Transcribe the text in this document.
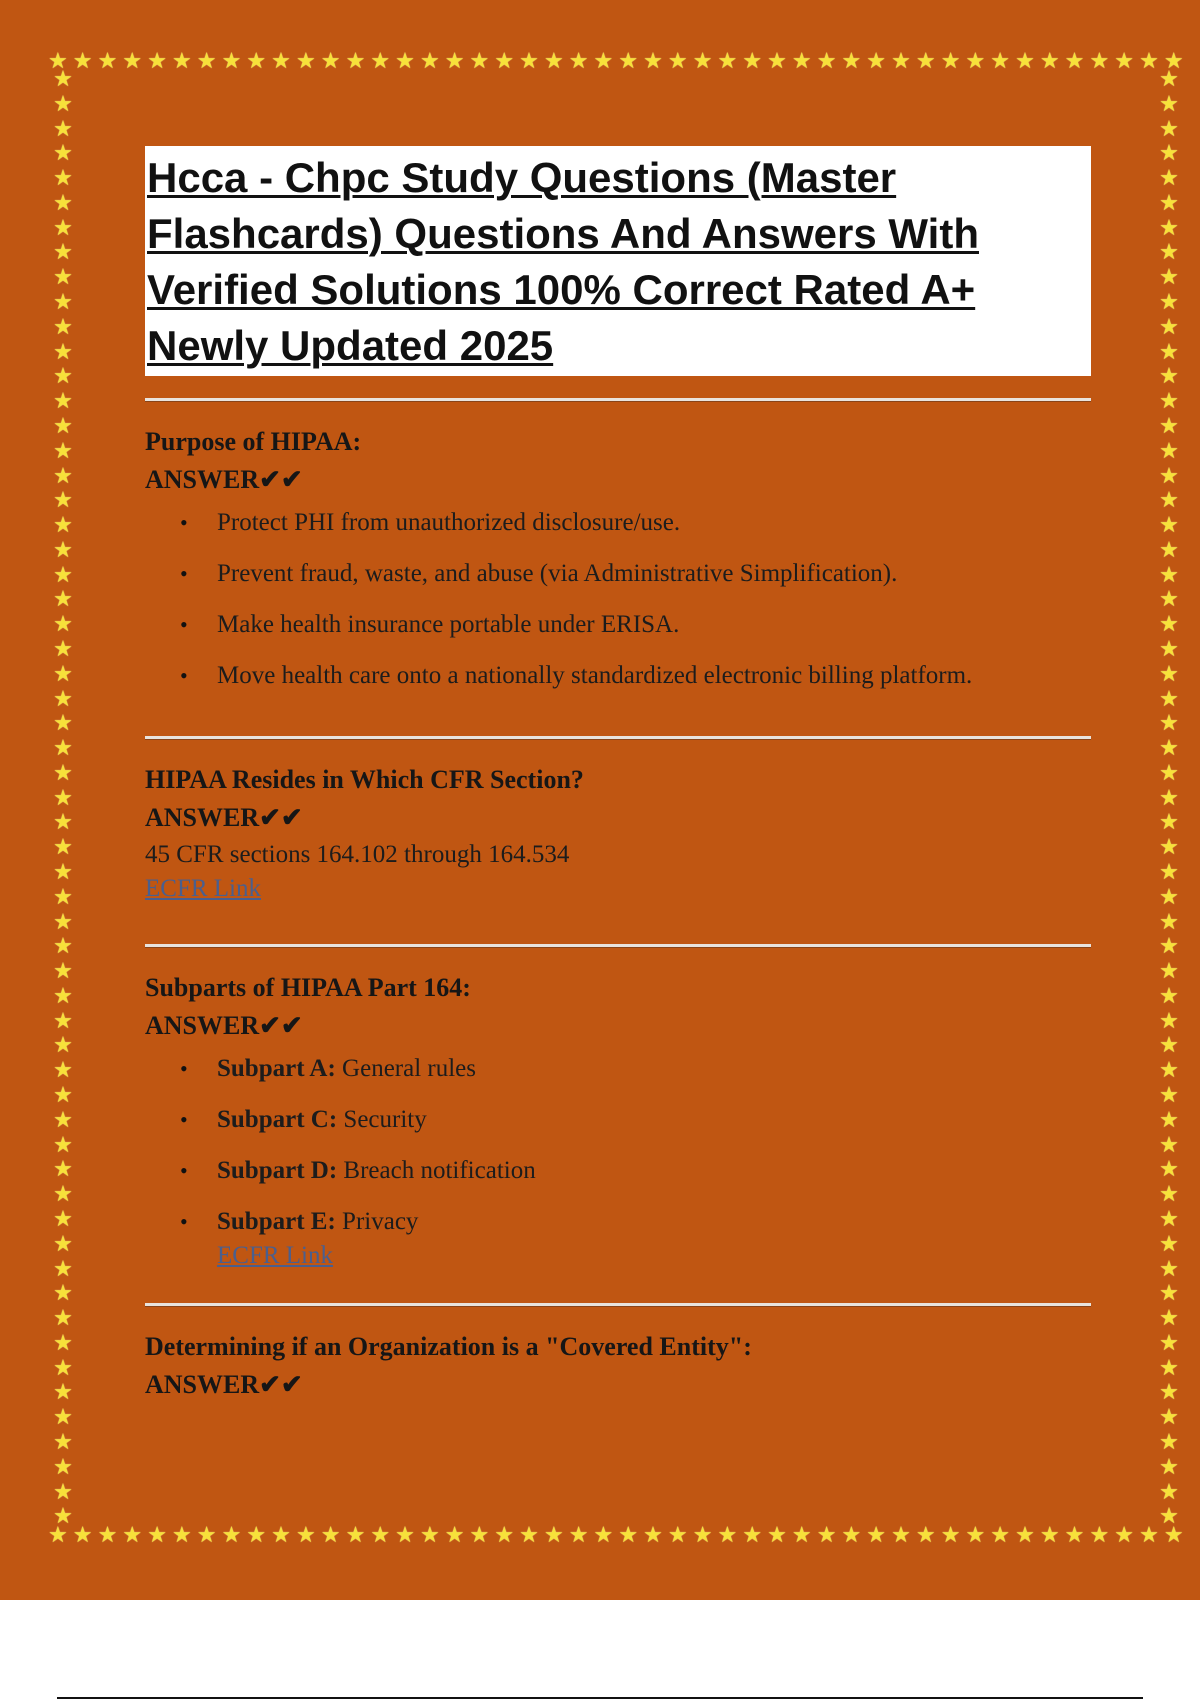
★ ★ ★ ★ ★ ★ ★ ★ ★ ★ ★ ★ ★ ★ ★ ★ ★ ★ ★ ★ ★ ★ ★ ★ ★ ★ ★ ★ ★ ★ ★ ★ ★ ★ ★ ★ ★ ★ ★ ★ ★ ★ ★ ★ ★ ★
★ ★ ★ ★ ★ ★ ★ ★ ★ ★ ★ ★ ★ ★ ★ ★ ★ ★ ★ ★ ★ ★ ★ ★ ★ ★ ★ ★ ★ ★ ★ ★ ★ ★ ★ ★ ★ ★ ★ ★ ★ ★ ★ ★ ★ ★
★
★
★
★
★
★
★
★
★
★
★
★
★
★
★
★
★
★
★
★
★
★
★
★
★
★
★
★
★
★
★
★
★
★
★
★
★
★
★
★
★
★
★
★
★
★
★
★
★
★
★
★
★
★
★
★
★
★
★
★
★
★
★
★
★
★
★
★
★
★
★
★
★
★
★
★
★
★
★
★
★
★
★
★
★
★
★
★
★
★
★
★
★
★
★
★
★
★
★
★
★
★
★
★
★
★
★
★
★
★
★
★
★
★
★
★
★
★
Hcca - Chpc Study Questions (Master Flashcards) Questions And Answers With Verified Solutions 100% Correct Rated A+ Newly Updated 2025
Purpose of HIPAA:
ANSWER✔✔
• Protect PHI from unauthorized disclosure/use.
• Prevent fraud, waste, and abuse (via Administrative Simplification).
• Make health insurance portable under ERISA.
• Move health care onto a nationally standardized electronic billing platform.
HIPAA Resides in Which CFR Section?
ANSWER✔✔
45 CFR sections 164.102 through 164.534
ECFR Link
Subparts of HIPAA Part 164:
ANSWER✔✔
• Subpart A: General rules
• Subpart C: Security
• Subpart D: Breach notification
• Subpart E: Privacy
ECFR Link
Determining if an Organization is a "Covered Entity":
ANSWER✔✔
